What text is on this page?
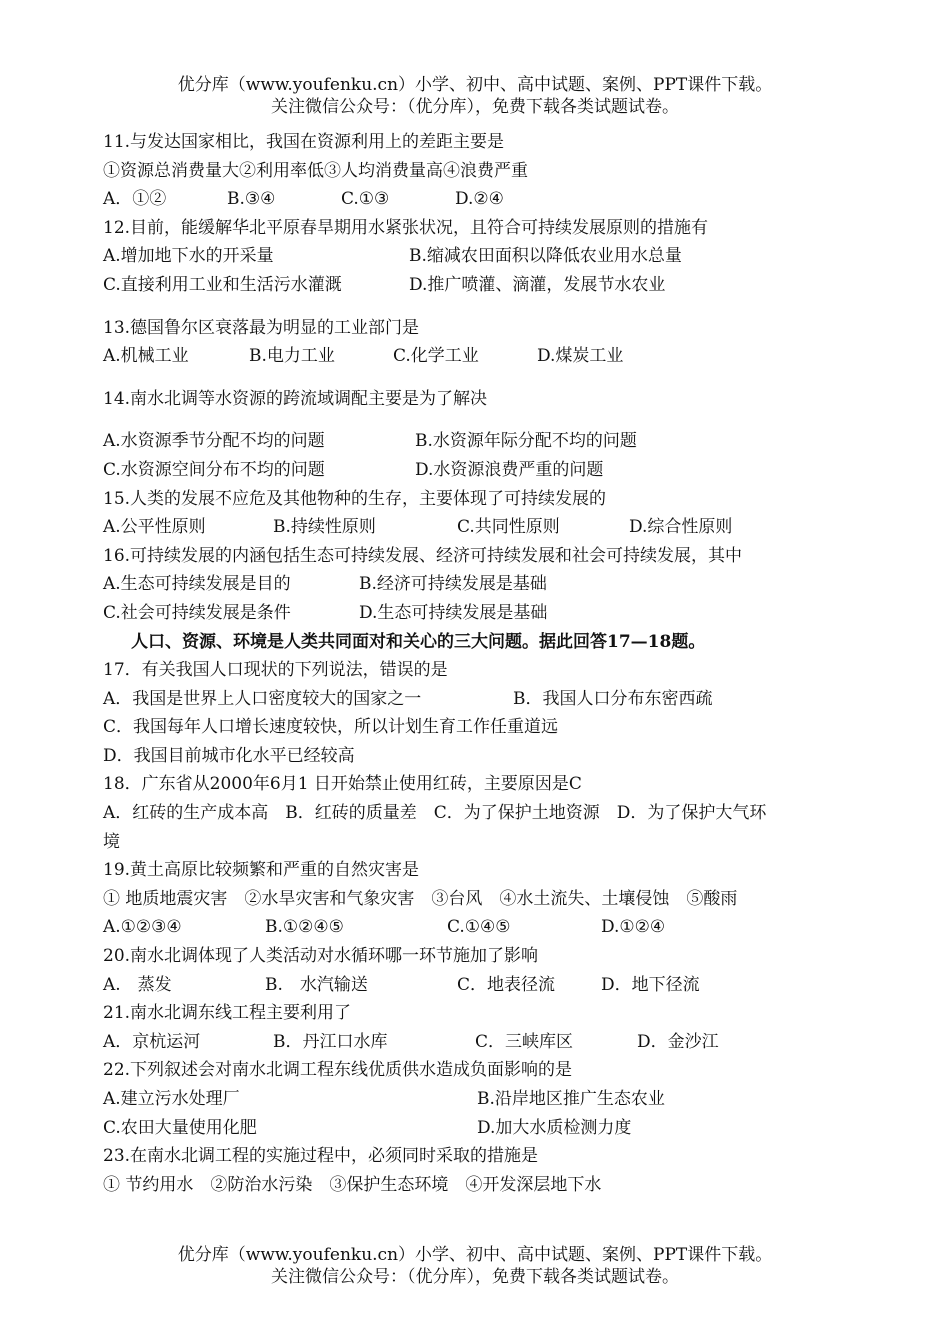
优分库（www.youfenku.cn）小学、初中、高中试题、案例、PPT课件下载。
关注微信公众号：（优分库），免费下载各类试题试卷。
11.与发达国家相比，我国在资源利用上的差距主要是
①资源总消费量大②利用率低③人均消费量高④浪费严重
A．①②	B.③④	C.①③	D.②④
12.目前，能缓解华北平原春旱期用水紧张状况，且符合可持续发展原则的措施有
A.增加地下水的开采量	B.缩减农田面积以降低农业用水总量
C.直接利用工业和生活污水灌溉	D.推广喷灌、滴灌，发展节水农业
13.德国鲁尔区衰落最为明显的工业部门是
A.机械工业	B.电力工业	C.化学工业	D.煤炭工业
14.南水北调等水资源的跨流域调配主要是为了解决
A.水资源季节分配不均的问题	B.水资源年际分配不均的问题
C.水资源空间分布不均的问题	D.水资源浪费严重的问题
15.人类的发展不应危及其他物种的生存，主要体现了可持续发展的
A.公平性原则	B.持续性原则	C.共同性原则	D.综合性原则
16.可持续发展的内涵包括生态可持续发展、经济可持续发展和社会可持续发展，其中
A.生态可持续发展是目的	B.经济可持续发展是基础
C.社会可持续发展是条件	D.生态可持续发展是基础
人口、资源、环境是人类共同面对和关心的三大问题。据此回答17—18题。
17．有关我国人口现状的下列说法，错误的是
A．我国是世界上人口密度较大的国家之一	B．我国人口分布东密西疏
C．我国每年人口增长速度较快，所以计划生育工作任重道远
D．我国目前城市化水平已经较高
18．广东省从2000年6月1 日开始禁止使用红砖，主要原因是C
A．红砖的生产成本高　B．红砖的质量差　C．为了保护土地资源　D．为了保护大气环
境
19.黄土高原比较频繁和严重的自然灾害是
① 地质地震灾害　②水旱灾害和气象灾害　③台风　④水土流失、土壤侵蚀　⑤酸雨
A.①②③④	B.①②④⑤	C.①④⑤	D.①②④
20.南水北调体现了人类活动对水循环哪一环节施加了影响
A.　蒸发	B.　水汽输送	C．地表径流	D．地下径流
21.南水北调东线工程主要利用了
A．京杭运河	B．丹江口水库	C．三峡库区	D．金沙江
22.下列叙述会对南水北调工程东线优质供水造成负面影响的是
A.建立污水处理厂	B.沿岸地区推广生态农业
C.农田大量使用化肥	D.加大水质检测力度
23.在南水北调工程的实施过程中，必须同时采取的措施是
① 节约用水　②防治水污染　③保护生态环境　④开发深层地下水
优分库（www.youfenku.cn）小学、初中、高中试题、案例、PPT课件下载。
关注微信公众号：（优分库），免费下载各类试题试卷。
